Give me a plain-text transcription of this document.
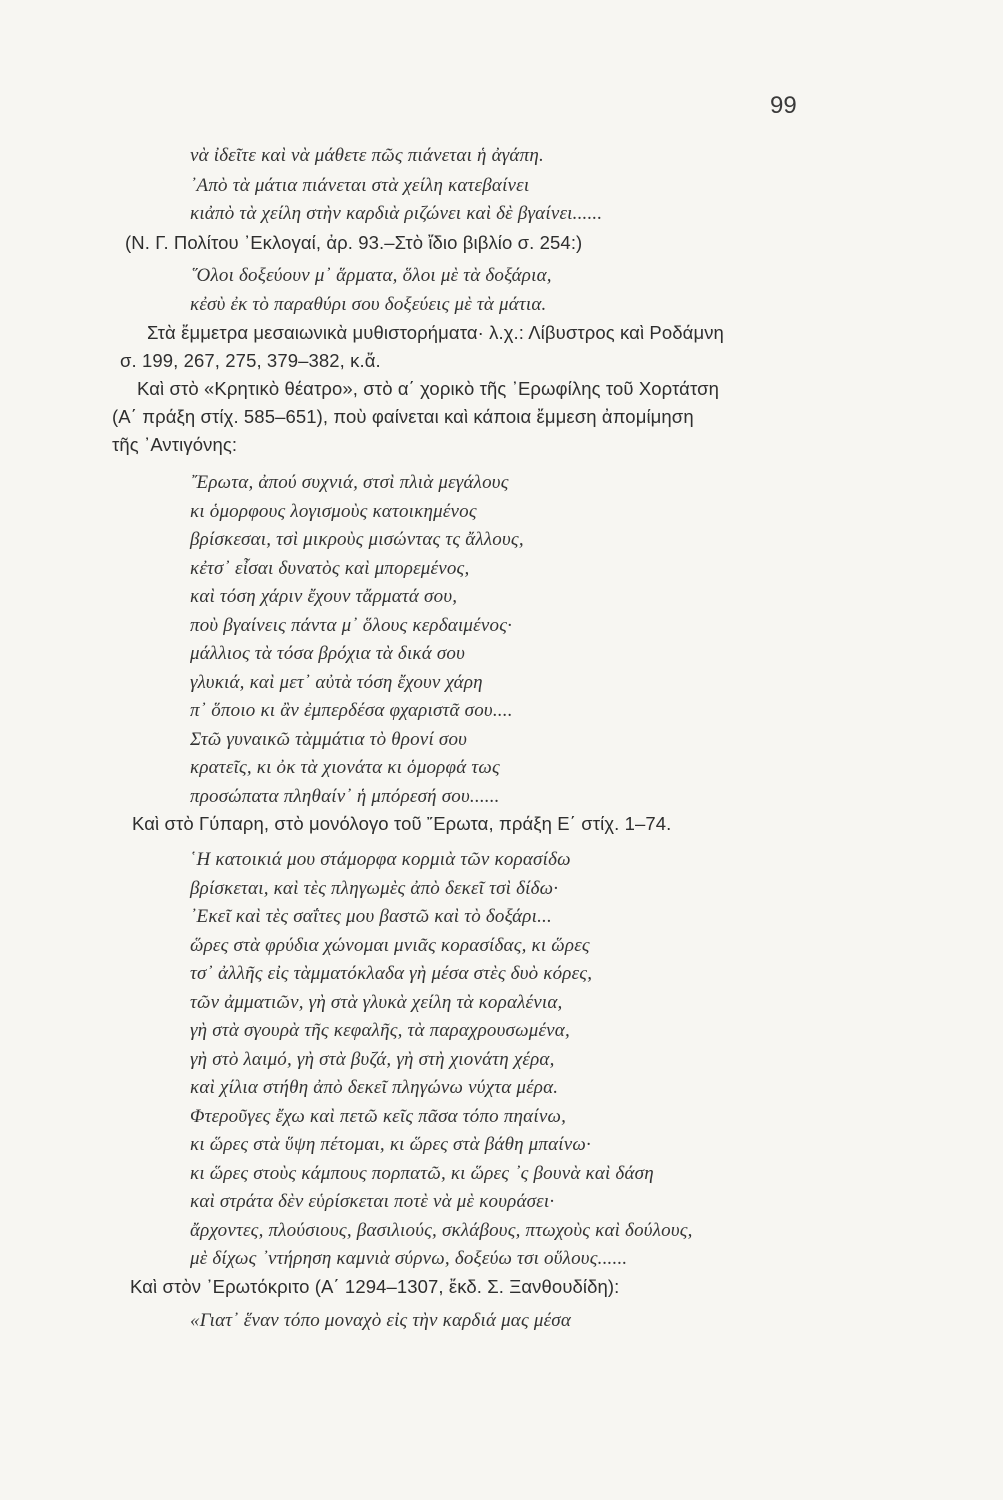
99
νὰ ἰδεῖτε καὶ νὰ μάθετε πῶς πιάνεται ἡ ἀγάπη.
᾿Απὸ τὰ μάτια πιάνεται στὰ χείλη κατεβαίνει
κιἀπὸ τὰ χείλη στὴν καρδιὰ ριζώνει καὶ δὲ βγαίνει......
(Ν. Γ. Πολίτου ᾿Εκλογαί, ἀρ. 93.–Στὸ ἴδιο βιβλίο σ. 254:)
῞Ολοι δοξεύουν μ᾿ ἅρματα, ὅλοι μὲ τὰ δοξάρια,
κἐσὺ ἐκ τὸ παραθύρι σου δοξεύεις μὲ τὰ μάτια.
Στὰ ἔμμετρα μεσαιωνικὰ μυθιστορήματα· λ.χ.: Λίβυστρος καὶ Ροδάμνη
σ. 199, 267, 275, 379–382, κ.ἄ.
Καὶ στὸ «Κρητικὸ θέατρο», στὸ α΄ χορικὸ τῆς ᾿Ερωφίλης τοῦ Χορτάτση
(Α΄ πράξη στίχ. 585–651), ποὺ φαίνεται καὶ κάποια ἔμμεση ἀπομίμηση
τῆς ᾿Αντιγόνης:
῎Ερωτα, ἀπού συχνιά, στσὶ πλιὰ μεγάλους
κι ὁμορφους λογισμοὺς κατοικημένος
βρίσκεσαι, τσὶ μικροὺς μισώντας τς ἄλλους,
κἐτσ᾿ εἶσαι δυνατὸς καὶ μπορεμένος,
καὶ τόση χάριν ἔχουν τἄρματά σου,
ποὺ βγαίνεις πάντα μ᾿ ὅλους κερδαιμένος·
μάλλιος τὰ τόσα βρόχια τὰ δικά σου
γλυκιά, καὶ μετ᾿ αὐτὰ τόση ἔχουν χάρη
π᾿ ὅποιο κι ἂν ἐμπερδέσα φχαριστᾶ σου....
Στῶ γυναικῶ τὰμμάτια τὸ θρονί σου
κρατεῖς, κι ὀκ τὰ χιονάτα κι ὁμορφά τως
προσώπατα πληθαίν᾿ ἡ μπόρεσή σου......
Καὶ στὸ Γύπαρη, στὸ μονόλογο τοῦ ῎Ερωτα, πράξη Ε΄ στίχ. 1–74.
῾Η κατοικιά μου στάμορφα κορμιὰ τῶν κορασίδω
βρίσκεται, καὶ τὲς πληγωμὲς ἀπὸ δεκεῖ τσὶ δίδω·
᾿Εκεῖ καὶ τὲς σαΐτες μου βαστῶ καὶ τὸ δοξάρι...
ὥρες στὰ φρύδια χώνομαι μνιᾶς κορασίδας, κι ὥρες
τσ᾿ ἀλλῆς εἰς τὰμματόκλαδα γὴ μέσα στὲς δυὸ κόρες,
τῶν ἀμματιῶν, γὴ στὰ γλυκὰ χείλη τὰ κοραλένια,
γὴ στὰ σγουρὰ τῆς κεφαλῆς, τὰ παραχρουσωμένα,
γὴ στὸ λαιμό, γὴ στὰ βυζά, γὴ στὴ χιονάτη χέρα,
καὶ χίλια στήθη ἀπὸ δεκεῖ πληγώνω νύχτα μέρα.
Φτεροῦγες ἔχω καὶ πετῶ κεῖς πᾶσα τόπο πηαίνω,
κι ὥρες στὰ ὕψη πέτομαι, κι ὥρες στὰ βάθη μπαίνω·
κι ὥρες στοὺς κάμπους πορπατῶ, κι ὥρες ᾽ς βουνὰ καὶ δάση
καὶ στράτα δὲν εὑρίσκεται ποτὲ νὰ μὲ κουράσει·
ἄρχοντες, πλούσιους, βασιλιούς, σκλάβους, πτωχοὺς καὶ δούλους,
μὲ δίχως ᾽ντήρηση καμνιὰ σύρνω, δοξεύω τσι οὕλους......
Καὶ στὸν ᾿Ερωτόκριτο (Α΄ 1294–1307, ἔκδ. Σ. Ξανθουδίδη):
«Γιατ᾿ ἕναν τόπο μοναχὸ εἰς τὴν καρδιά μας μέσα
